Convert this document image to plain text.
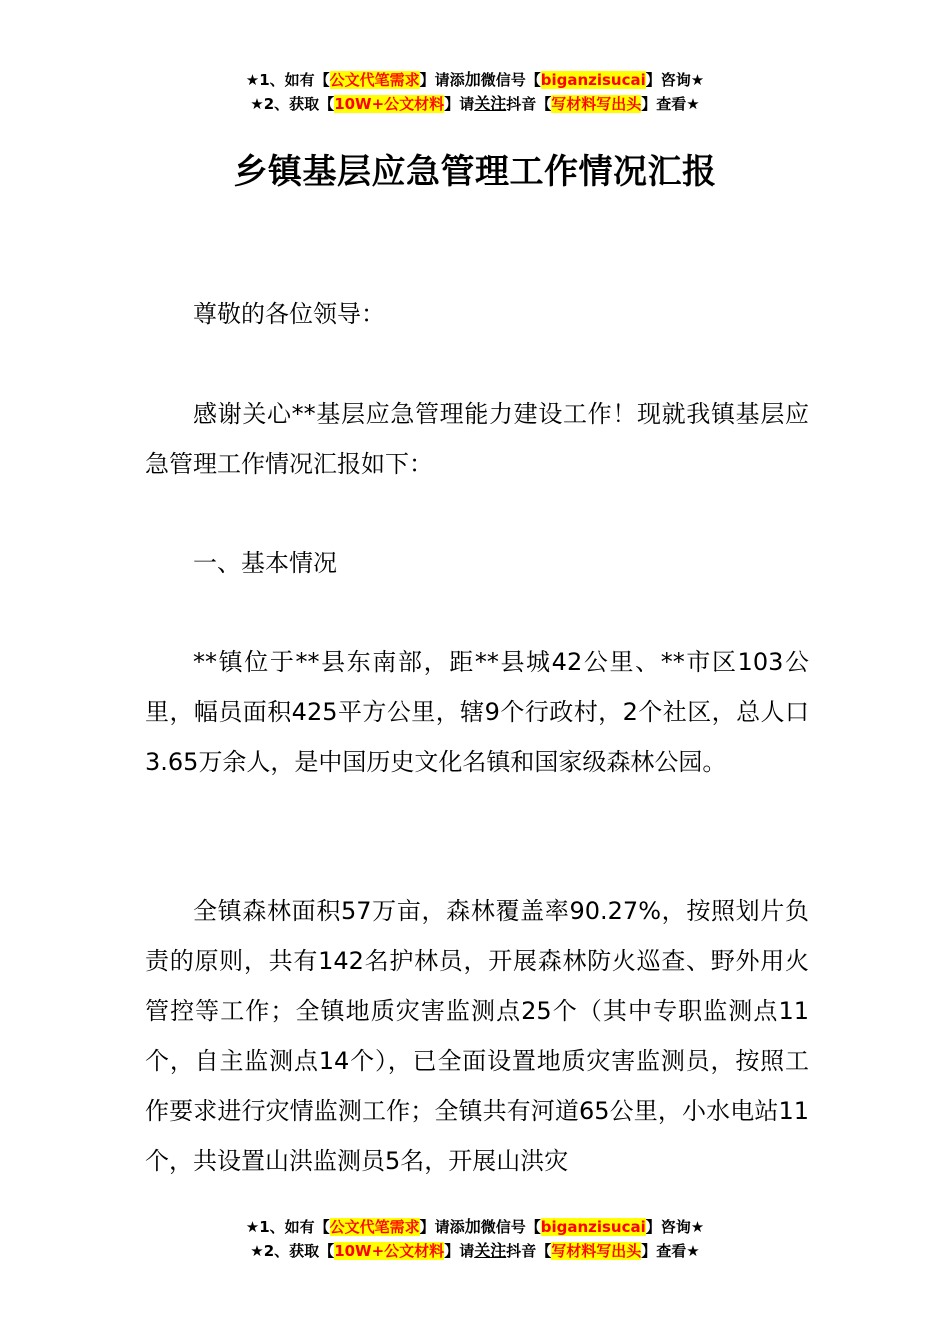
★1、如有【公文代笔需求】请添加微信号【biganzisucai】咨询★
★2、获取【10W+公文材料】请关注抖音【写材料写出头】查看★
乡镇基层应急管理工作情况汇报

尊敬的各位领导：

感谢关心**基层应急管理能力建设工作！现就我镇基层应急管理工作情况汇报如下：

一、基本情况

**镇位于**县东南部，距**县城42公里、**市区103公里，幅员面积425平方公里，辖9个行政村，2个社区，总人口3.65万余人，是中国历史文化名镇和国家级森林公园。

全镇森林面积57万亩，森林覆盖率90.27%，按照划片负责的原则，共有142名护林员，开展森林防火巡查、野外用火管控等工作；全镇地质灾害监测点25个（其中专职监测点11个，自主监测点14个），已全面设置地质灾害监测员，按照工作要求进行灾情监测工作；全镇共有河道65公里，小水电站11个，共设置山洪监测员5名，开展山洪灾

★1、如有【公文代笔需求】请添加微信号【biganzisucai】咨询★
★2、获取【10W+公文材料】请关注抖音【写材料写出头】查看★
